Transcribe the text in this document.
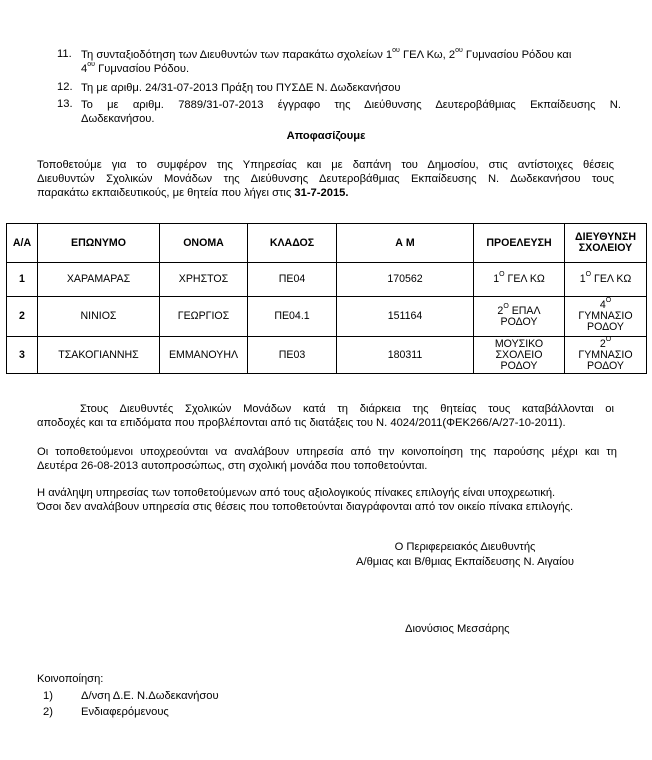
11. Τη συνταξιοδότηση των Διευθυντών των παρακάτω σχολείων $1^{o\upsilon}$ ΓΕΛ Κω, $2^{o\upsilon}$ Γυμνασίου Ρόδου και
$4^{o\upsilon}$ Γυμνασίου Ρόδου.
12. Τη με αριθμ. 24/31-07-2013 Πράξη του ΠΥΣΔΕ Ν. Δωδεκανήσου
13. Το με αριθμ. 7889/31-07-2013 έγγραφο της Διεύθυνσης Δευτεροβάθμιας Εκπαίδευσης Ν.
Δωδεκανήσου.
Αποφασίζουμε
Τοποθετούμε για το συμφέρον της Υπηρεσίας και με δαπάνη του Δημοσίου, στις αντίστοιχες θέσεις
Διευθυντών Σχολικών Μονάδων της Διεύθυνσης Δευτεροβάθμιας Εκπαίδευσης Ν. Δωδεκανήσου τους
παρακάτω εκπαιδευτικούς, με θητεία που λήγει στις 31-7-2015.
Α/Α	ΕΠΩΝΥΜΟ	ΟΝΟΜΑ	ΚΛΑΔΟΣ	Α Μ	ΠΡΟΕΛΕΥΣΗ	ΔΙΕΥΘΥΝΣΗ
ΣΧΟΛΕΙΟΥ

1	ΧΑΡΑΜΑΡΑΣ	ΧΡΗΣΤΟΣ	ΠΕ04	170562	$1^O$ ΓΕΛ ΚΩ	$1^O$ ΓΕΛ ΚΩ
2	ΝΙΝΙΟΣ	ΓΕΩΡΓΙΟΣ	ΠΕ04.1	151164	$2^O$ ΕΠΑΛ
ΡΟΔΟΥ	$4^O$
ΓΥΜΝΑΣΙΟ
ΡΟΔΟΥ

3	ΤΣΑΚΟΓΙΑΝΝΗΣ	ΕΜΜΑΝΟΥΗΛ	ΠΕ03	180311	ΜΟΥΣΙΚΟ
ΣΧΟΛΕΙΟ
ΡΟΔΟΥ	$2^O$
ΓΥΜΝΑΣΙΟ
ΡΟΔΟΥ
Στους Διευθυντές Σχολικών Μονάδων κατά τη διάρκεια της θητείας τους καταβάλλονται οι
αποδοχές και τα επιδόματα που προβλέπονται από τις διατάξεις του Ν. 4024/2011(ΦΕΚ266/Α/27-10-2011).
Οι τοποθετούμενοι υποχρεούνται να αναλάβουν υπηρεσία από την κοινοποίηση της παρούσης μέχρι και τη
Δευτέρα 26-08-2013 αυτοπροσώπως, στη σχολική μονάδα που τοποθετούνται.
Η ανάληψη υπηρεσίας των τοποθετούμενων από τους αξιολογικούς πίνακες επιλογής είναι υποχρεωτική.
Όσοι δεν αναλάβουν υπηρεσία στις θέσεις που τοποθετούνται διαγράφονται από τον οικείο πίνακα επιλογής.
Ο Περιφερειακός Διευθυντής
Α/θμιας και Β/θμιας Εκπαίδευσης Ν. Αιγαίου
Διονύσιος Μεσσάρης
Κοινοποίηση:
1)	Δ/νση Δ.Ε. Ν.Δωδεκανήσου
2)	Ενδιαφερόμενους
